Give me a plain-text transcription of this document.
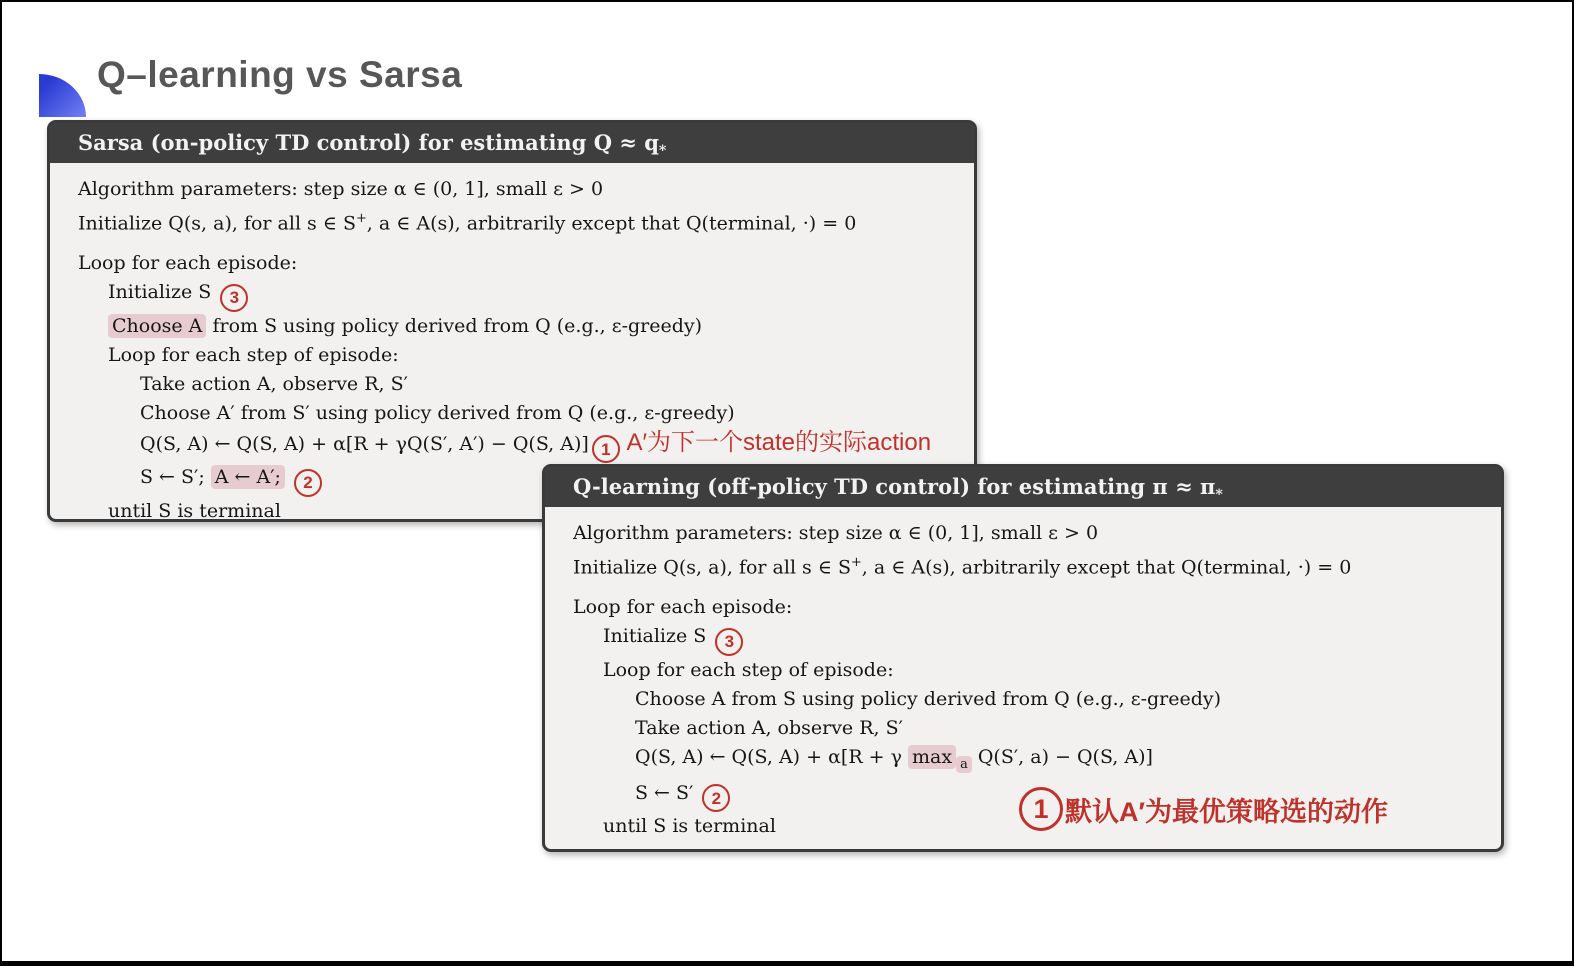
Q–learning vs Sarsa
Sarsa (on-policy TD control) for estimating $Q \approx q_*$
Algorithm parameters: step size α ∈ (0, 1], small ε > 0
Initialize Q(s, a), for all s ∈ S+, a ∈ A(s), arbitrarily except that Q(terminal, ·) = 0
Loop for each episode:
Initialize S 3
Choose A from S using policy derived from Q (e.g., ε-greedy)
Loop for each step of episode:
Take action A, observe R, S′
Choose A′ from S′ using policy derived from Q (e.g., ε-greedy)
Q(S, A) ← Q(S, A) + α[R + γQ(S′, A′) − Q(S, A)] 1 A′为下一个state的实际action
S ← S′; A ← A′; 2
until S is terminal
Q-learning (off-policy TD control) for estimating $\pi \approx \pi_*$
Algorithm parameters: step size α ∈ (0, 1], small ε > 0
Initialize Q(s, a), for all s ∈ S+, a ∈ A(s), arbitrarily except that Q(terminal, ·) = 0
Loop for each episode:
Initialize S 3
Loop for each step of episode:
Choose A from S using policy derived from Q (e.g., ε-greedy)
Take action A, observe R, S′
Q(S, A) ← Q(S, A) + α[R + γ max $_a$ Q(S′, a) − Q(S, A)]
S ← S′ 2
until S is terminal
1 默认A′为最优策略选的动作
